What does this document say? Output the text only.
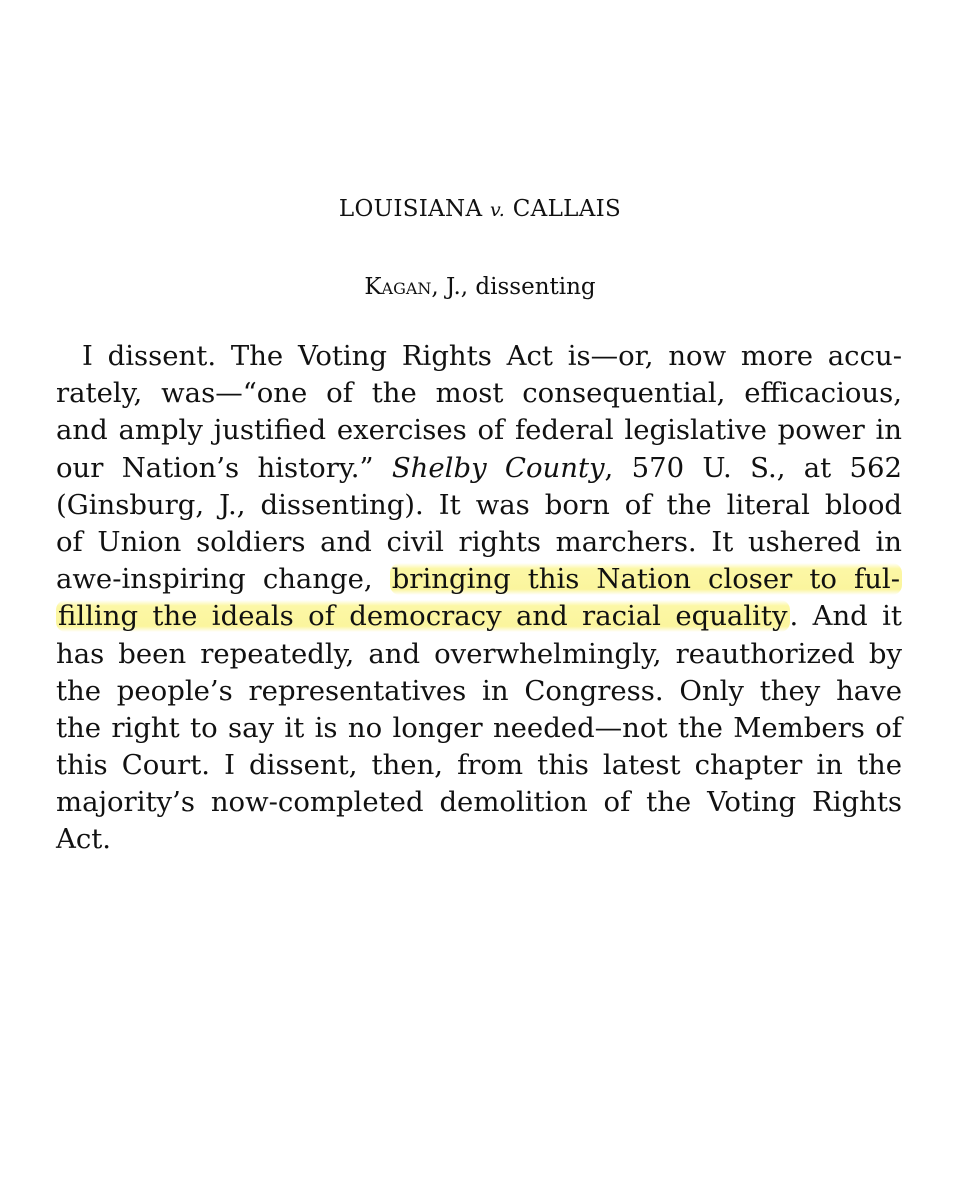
LOUISIANA v. CALLAIS

Kagan, J., dissenting

I dissent. The Voting Rights Act is—or, now more accu-
rately, was—“one of the most consequential, efficacious,
and amply justified exercises of federal legislative power in
our Nation’s history.” Shelby County, 570 U. S., at 562
(Ginsburg, J., dissenting). It was born of the literal blood
of Union soldiers and civil rights marchers. It ushered in
awe-inspiring change, bringing this Nation closer to ful-
filling the ideals of democracy and racial equality. And it
has been repeatedly, and overwhelmingly, reauthorized by
the people’s representatives in Congress. Only they have
the right to say it is no longer needed—not the Members of
this Court. I dissent, then, from this latest chapter in the
majority’s now-completed demolition of the Voting Rights
Act.
